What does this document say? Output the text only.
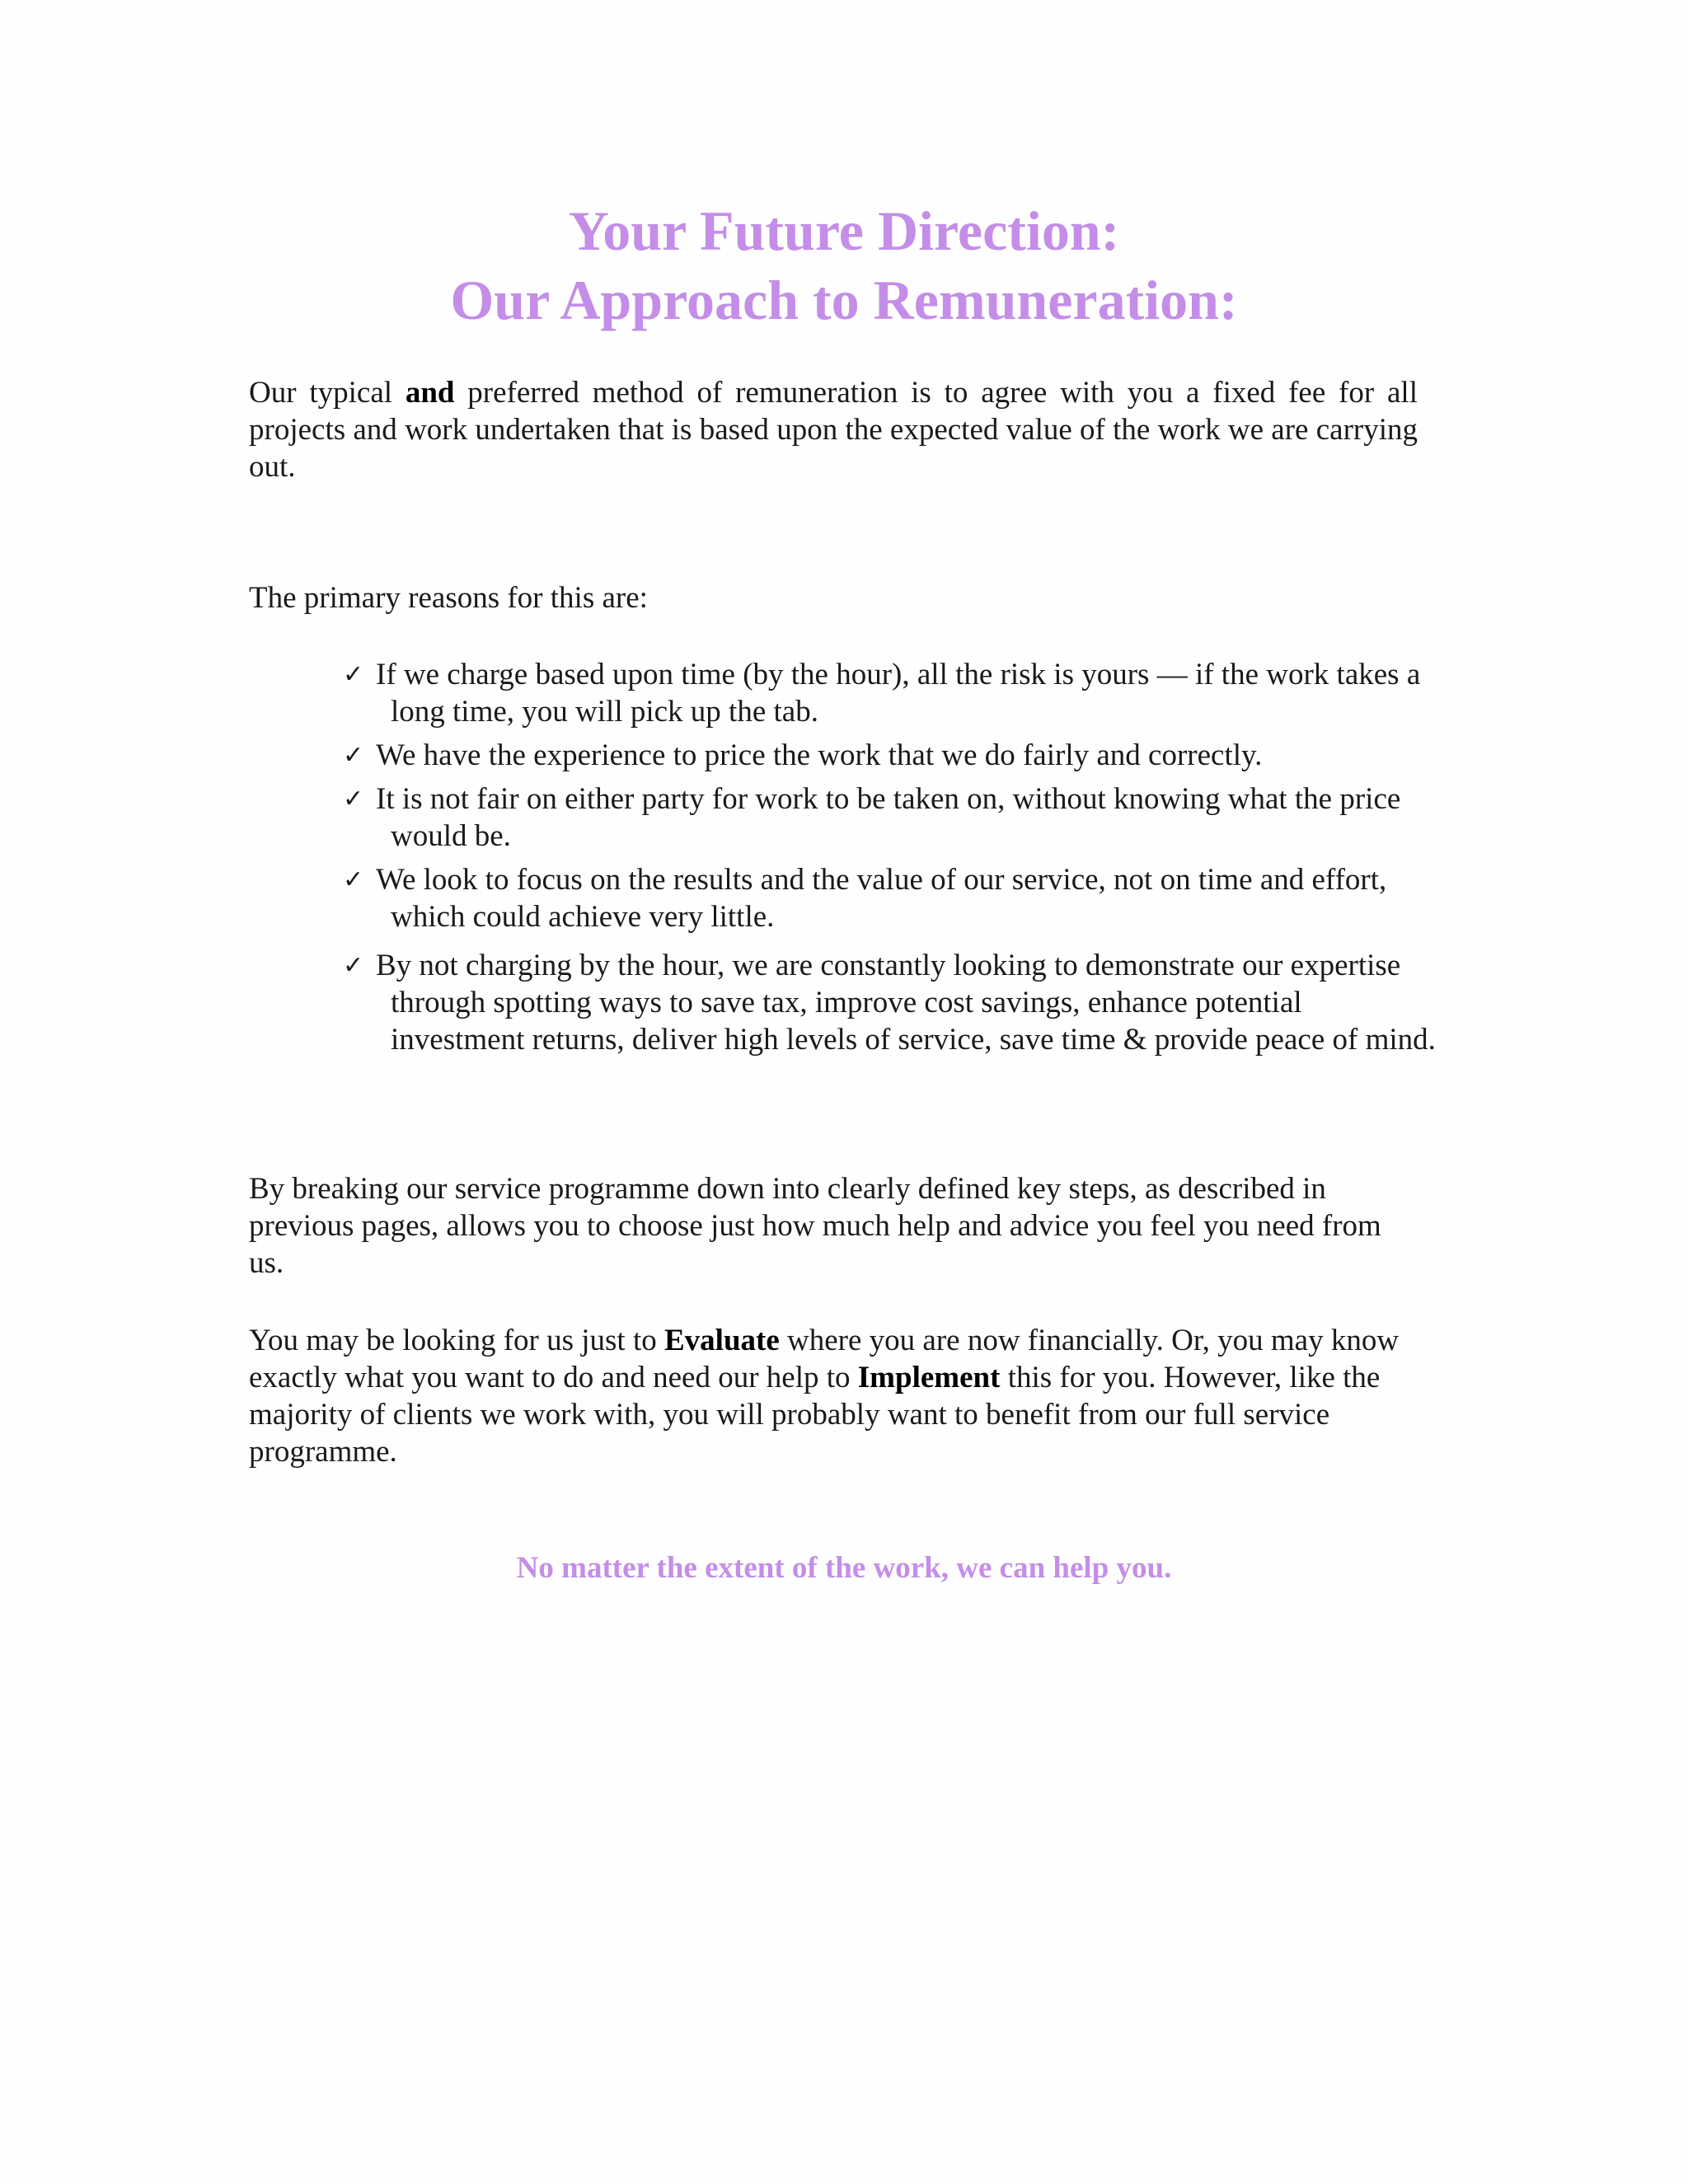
Your Future Direction:
Our Approach to Remuneration:

Our typical and preferred method of remuneration is to agree with you a fixed fee for all projects and work undertaken that is based upon the expected value of the work we are carrying out.

The primary reasons for this are:

✓ If we charge based upon time (by the hour), all the risk is yours — if the work takes a long time, you will pick up the tab.
✓ We have the experience to price the work that we do fairly and correctly.
✓ It is not fair on either party for work to be taken on, without knowing what the price would be.
✓ We look to focus on the results and the value of our service, not on time and effort, which could achieve very little.
✓ By not charging by the hour, we are constantly looking to demonstrate our expertise through spotting ways to save tax, improve cost savings, enhance potential investment returns, deliver high levels of service, save time & provide peace of mind.

By breaking our service programme down into clearly defined key steps, as described in previous pages, allows you to choose just how much help and advice you feel you need from us.

You may be looking for us just to Evaluate where you are now financially. Or, you may know exactly what you want to do and need our help to Implement this for you. However, like the majority of clients we work with, you will probably want to benefit from our full service programme.

No matter the extent of the work, we can help you.
